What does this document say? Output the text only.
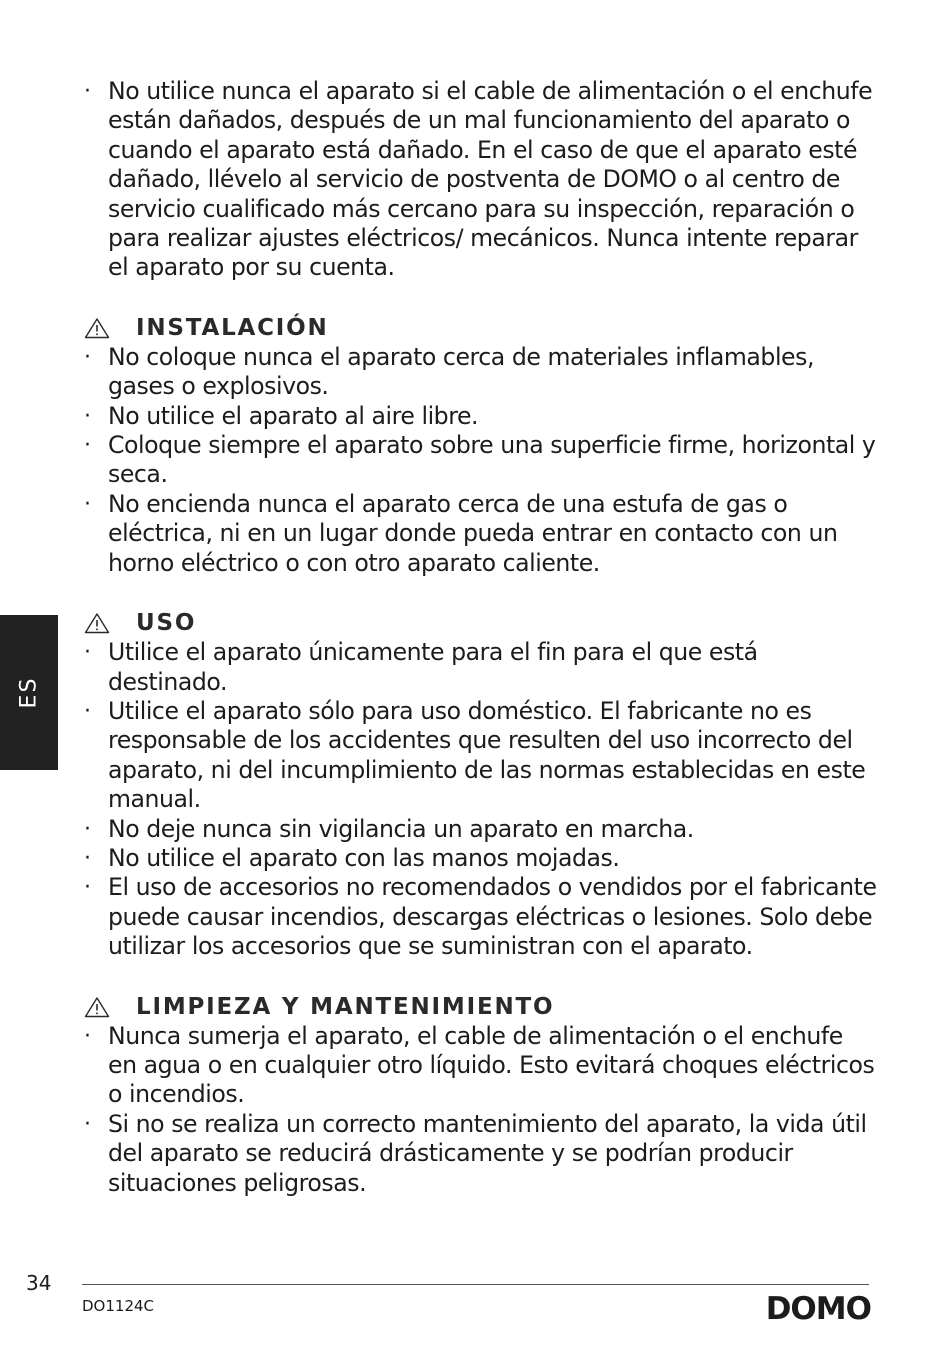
· No utilice nunca el aparato si el cable de alimentación o el enchufe están dañados, después de un mal funcionamiento del aparato o cuando el aparato está dañado. En el caso de que el aparato esté dañado, llévelo al servicio de postventa de DOMO o al centro de servicio cualificado más cercano para su inspección, reparación o para realizar ajustes eléctricos/ mecánicos. Nunca intente reparar el aparato por su cuenta.
INSTALACIÓN
· No coloque nunca el aparato cerca de materiales inflamables, gases o explosivos.
· No utilice el aparato al aire libre.
· Coloque siempre el aparato sobre una superficie firme, horizontal y seca.
· No encienda nunca el aparato cerca de una estufa de gas o eléctrica, ni en un lugar donde pueda entrar en contacto con un horno eléctrico o con otro aparato caliente.
USO
· Utilice el aparato únicamente para el fin para el que está destinado.
· Utilice el aparato sólo para uso doméstico. El fabricante no es responsable de los accidentes que resulten del uso incorrecto del aparato, ni del incumplimiento de las normas establecidas en este manual.
· No deje nunca sin vigilancia un aparato en marcha.
· No utilice el aparato con las manos mojadas.
· El uso de accesorios no recomendados o vendidos por el fabricante puede causar incendios, descargas eléctricas o lesiones. Solo debe utilizar los accesorios que se suministran con el aparato.
LIMPIEZA Y MANTENIMIENTO
· Nunca sumerja el aparato, el cable de alimentación o el enchufe en agua o en cualquier otro líquido. Esto evitará choques eléctricos o incendios.
· Si no se realiza un correcto mantenimiento del aparato, la vida útil del aparato se reducirá drásticamente y se podrían producir situaciones peligrosas.
ES
34
DO1124C	DOMO
